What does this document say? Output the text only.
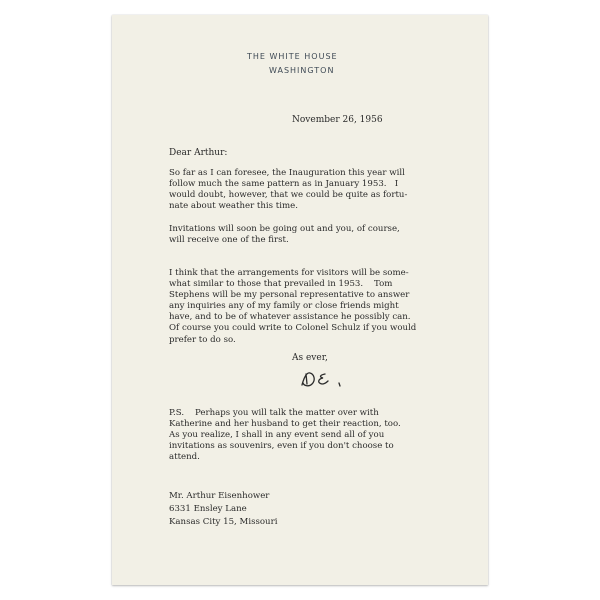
THE WHITE HOUSE
WASHINGTON
November 26, 1956
Dear Arthur:
So far as I can foresee, the Inauguration this year will
follow much the same pattern as in January 1953.   I
would doubt, however, that we could be quite as fortu-
nate about weather this time.
Invitations will soon be going out and you, of course,
will receive one of the first.
I think that the arrangements for visitors will be some-
what similar to those that prevailed in 1953.    Tom
Stephens will be my personal representative to answer
any inquiries any of my family or close friends might
have, and to be of whatever assistance he possibly can.
Of course you could write to Colonel Schulz if you would
prefer to do so.
As ever,
P.S.    Perhaps you will talk the matter over with
Katherine and her husband to get their reaction, too.
As you realize, I shall in any event send all of you
invitations as souvenirs, even if you don't choose to
attend.
Mr. Arthur Eisenhower
6331 Ensley Lane
Kansas City 15, Missouri
